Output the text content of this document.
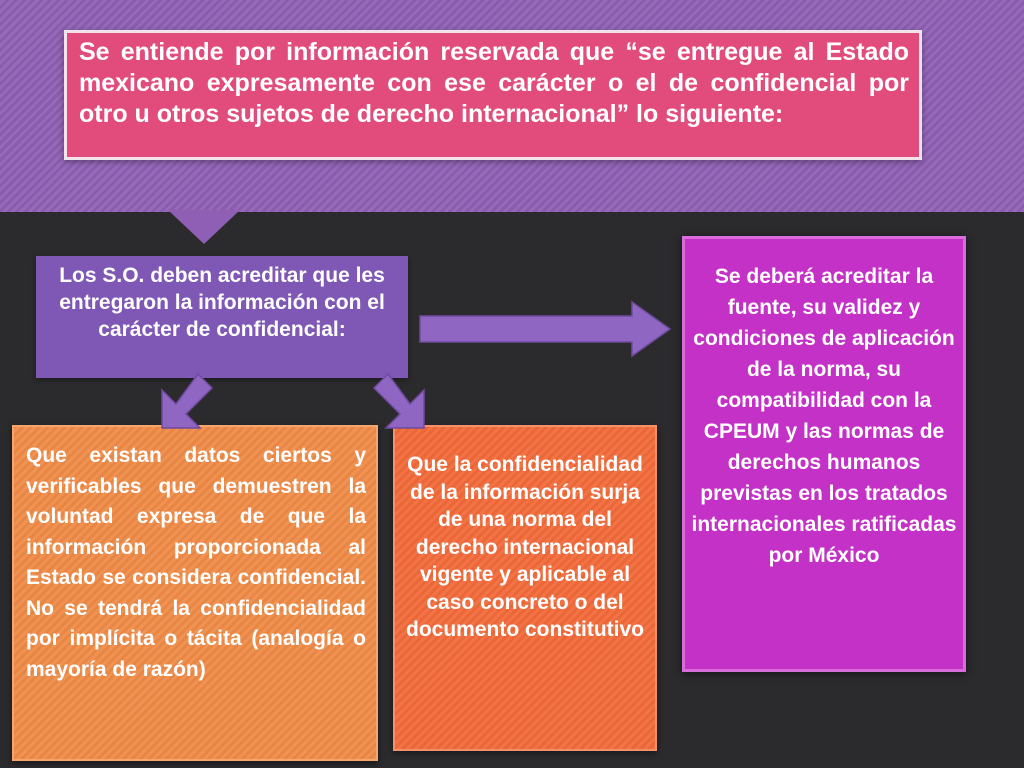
Se entiende por información reservada que “se entregue al Estado mexicano expresamente con ese carácter o el de confidencial por otro u otros sujetos de derecho internacional” lo siguiente:
Los S.O. deben acreditar que les entregaron la información con el carácter de confidencial:
Se deberá acreditar la fuente, su validez y condiciones de aplicación de la norma, su compatibilidad con la CPEUM y las normas de derechos humanos previstas en los tratados internacionales ratificadas por México
Que existan datos ciertos y verificables que demuestren la voluntad expresa de que la información proporcionada al Estado se considera confidencial. No se tendrá la confidencialidad por implícita o tácita (analogía o mayoría de razón)
Que la confidencialidad de la información surja de una norma del derecho internacional vigente y aplicable al caso concreto o del documento constitutivo
